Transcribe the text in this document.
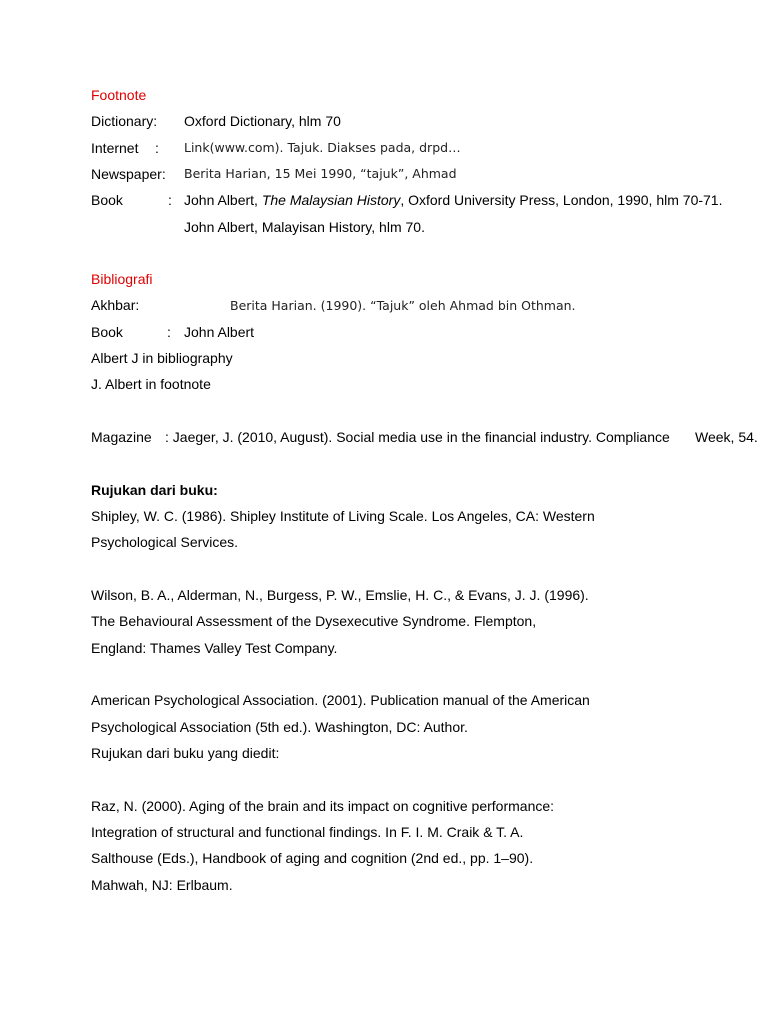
Footnote
Dictionary: Oxford Dictionary, hlm 70
Internet : Link(www.com). Tajuk. Diakses pada, drpd…
Newspaper: Berita Harian, 15 Mei 1990, “tajuk”, Ahmad
Book	: John Albert, The Malaysian History, Oxford University Press, London, 1990, hlm 70-71.
John Albert, Malayisan History, hlm 70.
Bibliografi
Akhbar:	Berita Harian. (1990). “Tajuk” oleh Ahmad bin Othman.
Book	: John Albert
Albert J in bibliography
J. Albert in footnote
Magazine : Jaeger, J. (2010, August). Social media use in the financial industry. Compliance Week, 54.
Rujukan dari buku:
Shipley, W. C. (1986). Shipley Institute of Living Scale. Los Angeles, CA: Western
Psychological Services.
Wilson, B. A., Alderman, N., Burgess, P. W., Emslie, H. C., & Evans, J. J. (1996).
The Behavioural Assessment of the Dysexecutive Syndrome. Flempton,
England: Thames Valley Test Company.
American Psychological Association. (2001). Publication manual of the American
Psychological Association (5th ed.). Washington, DC: Author.
Rujukan dari buku yang diedit:
Raz, N. (2000). Aging of the brain and its impact on cognitive performance:
Integration of structural and functional findings. In F. I. M. Craik & T. A.
Salthouse (Eds.), Handbook of aging and cognition (2nd ed., pp. 1–90).
Mahwah, NJ: Erlbaum.
